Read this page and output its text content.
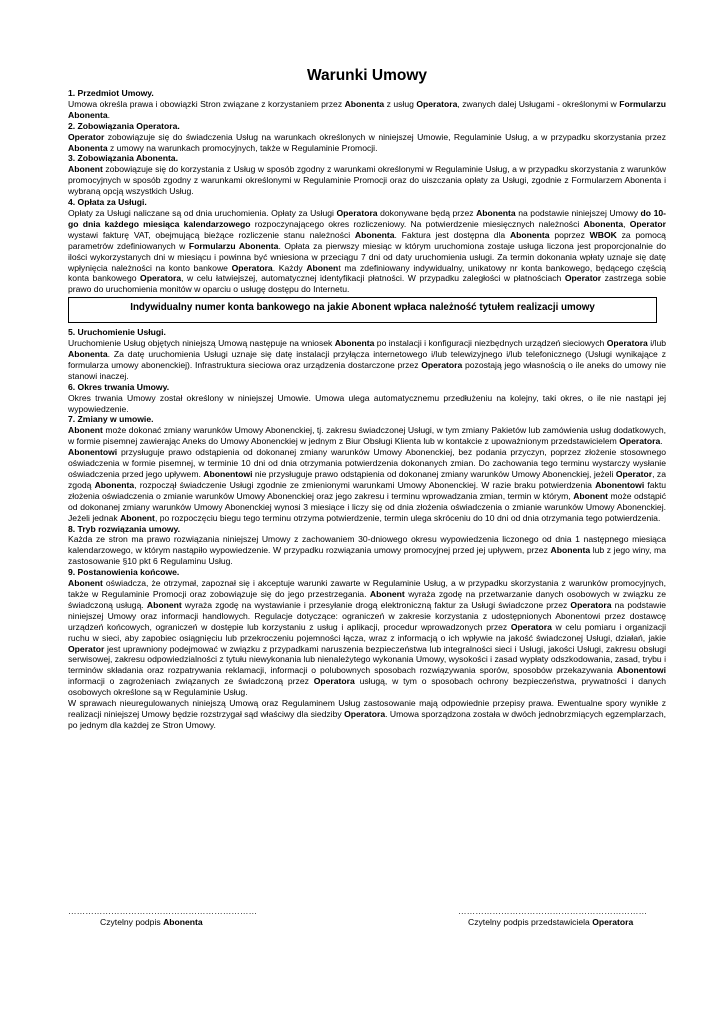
Warunki Umowy
1. Przedmiot Umowy.

Umowa określa prawa i obowiązki Stron związane z korzystaniem przez Abonenta z usług Operatora, zwanych dalej Usługami - określonymi w Formularzu Abonenta.

2. Zobowiązania Operatora.

Operator zobowiązuje się do świadczenia Usług na warunkach określonych w niniejszej Umowie, Regulaminie Usług, a w przypadku skorzystania przez Abonenta z umowy na warunkach promocyjnych, także w Regulaminie Promocji.

3. Zobowiązania Abonenta.

Abonent zobowiązuje się do korzystania z Usług w sposób zgodny z warunkami określonymi w Regulaminie Usług, a w przypadku skorzystania z warunków promocyjnych w sposób zgodny z warunkami określonymi w Regulaminie Promocji oraz do uiszczania opłaty za Usługi, zgodnie z Formularzem Abonenta i wybraną opcją wszystkich Usług.

4. Opłata za Usługi.

Opłaty za Usługi naliczane są od dnia uruchomienia. Opłaty za Usługi Operatora dokonywane będą przez Abonenta na podstawie niniejszej Umowy do 10-go dnia każdego miesiąca kalendarzowego rozpoczynającego okres rozliczeniowy. Na potwierdzenie miesięcznych należności Abonenta, Operator wystawi fakturę VAT, obejmującą bieżące rozliczenie stanu należności Abonenta. Faktura jest dostępna dla Abonenta poprzez WBOK za pomocą parametrów zdefiniowanych w Formularzu Abonenta. Opłata za pierwszy miesiąc w którym uruchomiona zostaje usługa liczona jest proporcjonalnie do ilości wykorzystanych dni w miesiącu i powinna być wniesiona w przeciągu 7 dni od daty uruchomienia usługi. Za termin dokonania wpłaty uznaje się datę wpłynięcia należności na konto bankowe Operatora. Każdy Abonent ma zdefiniowany indywidualny, unikatowy nr konta bankowego, będącego częścią konta bankowego Operatora, w celu łatwiejszej, automatycznej identyfikacji płatności. W przypadku zaległości w płatnościach Operator zastrzega sobie prawo do uruchomienia monitów w oparciu o usługę dostępu do Internetu.

Indywidualny numer konta bankowego na jakie Abonent wpłaca należność tytułem realizacji umowy
5. Uruchomienie Usługi.

Uruchomienie Usług objętych niniejszą Umową następuje na wniosek Abonenta po instalacji i konfiguracji niezbędnych urządzeń sieciowych Operatora i/lub Abonenta. Za datę uruchomienia Usługi uznaje się datę instalacji przyłącza internetowego i/lub telewizyjnego i/lub telefonicznego (Usługi wynikające z formularza umowy abonenckiej). Infrastruktura sieciowa oraz urządzenia dostarczone przez Operatora pozostają jego własnością o ile aneks do umowy nie stanowi inaczej.

6. Okres trwania Umowy.

Okres trwania Umowy został określony w niniejszej Umowie. Umowa ulega automatycznemu przedłużeniu na kolejny, taki okres, o ile nie nastąpi jej wypowiedzenie.

7. Zmiany w umowie.

Abonent może dokonać zmiany warunków Umowy Abonenckiej, tj. zakresu świadczonej Usługi, w tym zmiany Pakietów lub zamówienia usług dodatkowych, w formie pisemnej zawierając Aneks do Umowy Abonenckiej w jednym z Biur Obsługi Klienta lub w kontakcie z upoważnionym przedstawicielem Operatora.

Abonentowi przysługuje prawo odstąpienia od dokonanej zmiany warunków Umowy Abonenckiej, bez podania przyczyn, poprzez złożenie stosownego oświadczenia w formie pisemnej, w terminie 10 dni od dnia otrzymania potwierdzenia dokonanych zmian. Do zachowania tego terminu wystarczy wysłanie oświadczenia przed jego upływem. Abonentowi nie przysługuje prawo odstąpienia od dokonanej zmiany warunków Umowy Abonenckiej, jeżeli Operator, za zgodą Abonenta, rozpoczął świadczenie Usługi zgodnie ze zmienionymi warunkami Umowy Abonenckiej. W razie braku potwierdzenia Abonentowi faktu złożenia oświadczenia o zmianie warunków Umowy Abonenckiej oraz jego zakresu i terminu wprowadzania zmian, termin w którym, Abonent może odstąpić od dokonanej zmiany warunków Umowy Abonenckiej wynosi 3 miesiące i liczy się od dnia złożenia oświadczenia o zmianie warunków Umowy Abonenckiej. Jeżeli jednak Abonent, po rozpoczęciu biegu tego terminu otrzyma potwierdzenie, termin ulega skróceniu do 10 dni od dnia otrzymania tego potwierdzenia.

8. Tryb rozwiązania umowy.

Każda ze stron ma prawo rozwiązania niniejszej Umowy z zachowaniem 30-dniowego okresu wypowiedzenia liczonego od dnia 1 następnego miesiąca kalendarzowego, w którym nastąpiło wypowiedzenie. W przypadku rozwiązania umowy promocyjnej przed jej upływem, przez Abonenta lub z jego winy, ma zastosowanie §10 pkt 6 Regulaminu Usług.

9. Postanowienia końcowe.

Abonent oświadcza, że otrzymał, zapoznał się i akceptuje warunki zawarte w Regulaminie Usług, a w przypadku skorzystania z warunków promocyjnych, także w Regulaminie Promocji oraz zobowiązuje się do jego przestrzegania. Abonent wyraża zgodę na przetwarzanie danych osobowych w związku ze świadczoną usługą. Abonent wyraża zgodę na wystawianie i przesyłanie drogą elektroniczną faktur za Usługi świadczone przez Operatora na podstawie niniejszej Umowy oraz informacji handlowych. Regulacje dotyczące: ograniczeń w zakresie korzystania z udostępnionych Abonentowi przez dostawcę urządzeń końcowych, ograniczeń w dostępie lub korzystaniu z usług i aplikacji, procedur wprowadzonych przez Operatora w celu pomiaru i organizacji ruchu w sieci, aby zapobiec osiągnięciu lub przekroczeniu pojemności łącza, wraz z informacją o ich wpływie na jakość świadczonej Usługi, działań, jakie Operator jest uprawniony podejmować w związku z przypadkami naruszenia bezpieczeństwa lub integralności sieci i Usługi, jakości Usługi, zakresu obsługi serwisowej, zakresu odpowiedzialności z tytułu niewykonania lub nienależytego wykonania Umowy, wysokości i zasad wypłaty odszkodowania, zasad, trybu i terminów składania oraz rozpatrywania reklamacji, informacji o polubownych sposobach rozwiązywania sporów, sposobów przekazywania Abonentowi informacji o zagrożeniach związanych ze świadczoną przez Operatora usługą, w tym o sposobach ochrony bezpieczeństwa, prywatności i danych osobowych określone są w Regulaminie Usług.

W sprawach nieuregulowanych niniejszą Umową oraz Regulaminem Usług zastosowanie mają odpowiednie przepisy prawa. Ewentualne spory wynikłe z realizacji niniejszej Umowy będzie rozstrzygał sąd właściwy dla siedziby Operatora. Umowa sporządzona została w dwóch jednobrzmiących egzemplarzach, po jednym dla każdej ze Stron Umowy.

…………………………………………………………
Czytelny podpis Abonenta
…………………………………………………………
Czytelny podpis przedstawiciela Operatora
